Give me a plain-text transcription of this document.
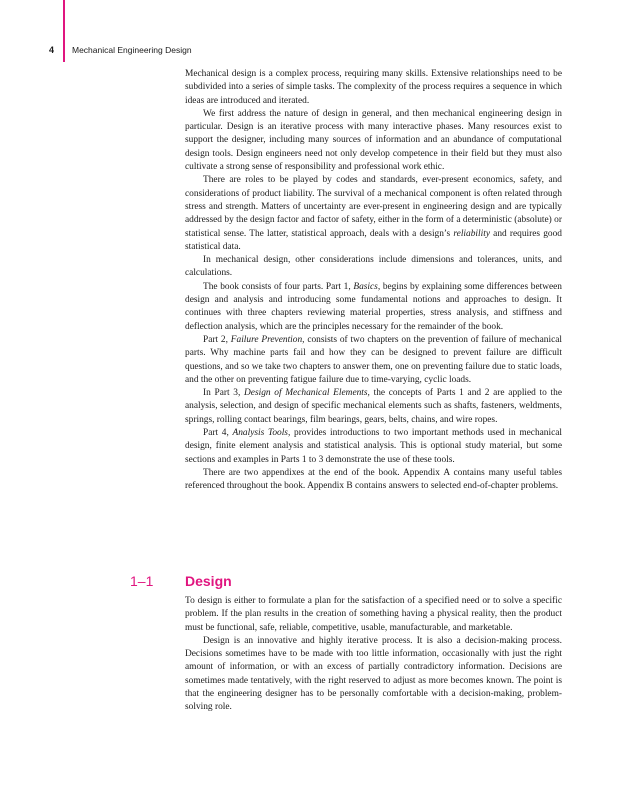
4 Mechanical Engineering Design

Mechanical design is a complex process, requiring many skills. Extensive relationships need to be subdivided into a series of simple tasks. The complexity of the process requires a sequence in which ideas are introduced and iterated.

We first address the nature of design in general, and then mechanical engineering design in particular. Design is an iterative process with many interactive phases. Many resources exist to support the designer, including many sources of information and an abundance of computational design tools. Design engineers need not only develop competence in their field but they must also cultivate a strong sense of responsibility and professional work ethic.

There are roles to be played by codes and standards, ever-present economics, safety, and considerations of product liability. The survival of a mechanical component is often related through stress and strength. Matters of uncertainty are ever-present in engineering design and are typically addressed by the design factor and factor of safety, either in the form of a deterministic (absolute) or statistical sense. The latter, statistical approach, deals with a design’s reliability and requires good statistical data.

In mechanical design, other considerations include dimensions and tolerances, units, and calculations.

The book consists of four parts. Part 1, Basics, begins by explaining some differences between design and analysis and introducing some fundamental notions and approaches to design. It continues with three chapters reviewing material properties, stress analysis, and stiffness and deflection analysis, which are the principles necessary for the remainder of the book.

Part 2, Failure Prevention, consists of two chapters on the prevention of failure of mechanical parts. Why machine parts fail and how they can be designed to prevent failure are difficult questions, and so we take two chapters to answer them, one on preventing failure due to static loads, and the other on preventing fatigue failure due to time-varying, cyclic loads.

In Part 3, Design of Mechanical Elements, the concepts of Parts 1 and 2 are applied to the analysis, selection, and design of specific mechanical elements such as shafts, fasteners, weldments, springs, rolling contact bearings, film bearings, gears, belts, chains, and wire ropes.

Part 4, Analysis Tools, provides introductions to two important methods used in mechanical design, finite element analysis and statistical analysis. This is optional study material, but some sections and examples in Parts 1 to 3 demonstrate the use of these tools.

There are two appendixes at the end of the book. Appendix A contains many useful tables referenced throughout the book. Appendix B contains answers to selected end-of-chapter problems.

1–1 Design

To design is either to formulate a plan for the satisfaction of a specified need or to solve a specific problem. If the plan results in the creation of something having a physical reality, then the product must be functional, safe, reliable, competitive, usable, manufacturable, and marketable.

Design is an innovative and highly iterative process. It is also a decision-making process. Decisions sometimes have to be made with too little information, occasionally with just the right amount of information, or with an excess of partially contradictory information. Decisions are sometimes made tentatively, with the right reserved to adjust as more becomes known. The point is that the engineering designer has to be personally comfortable with a decision-making, problem-solving role.
